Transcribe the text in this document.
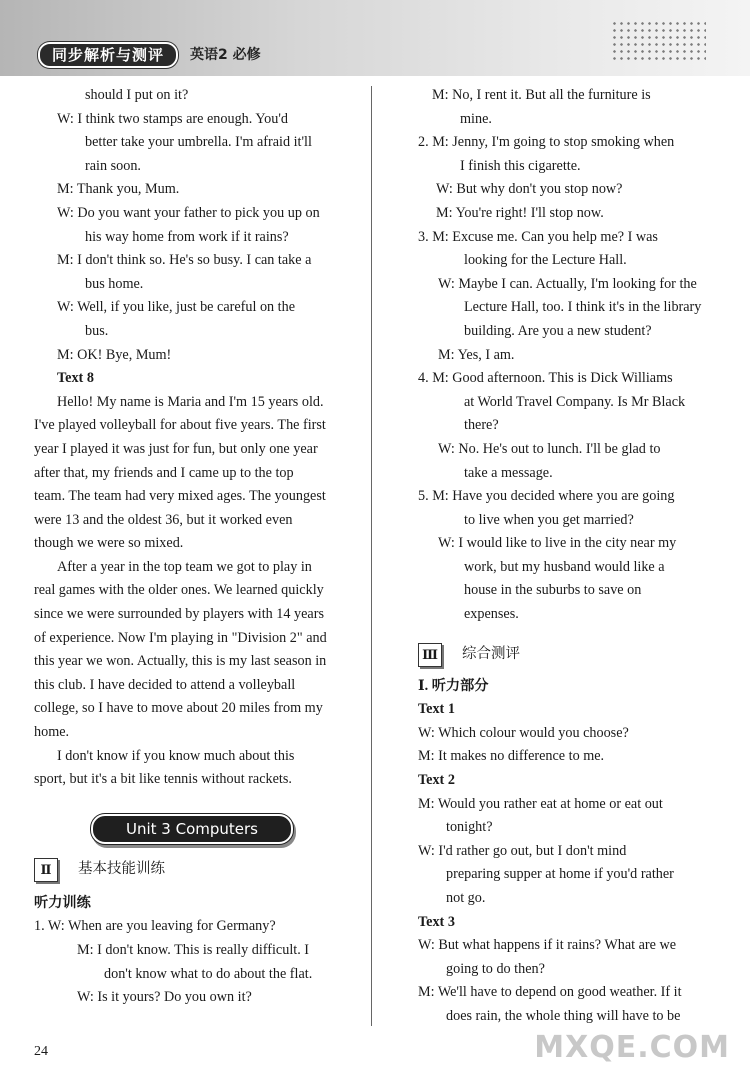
同步解析与测评	英语2 必修
should I put on it?
W: I think two stamps are enough. You'd
better take your umbrella. I'm afraid it'll
rain soon.
M: Thank you, Mum.
W: Do you want your father to pick you up on
his way home from work if it rains?
M: I don't think so. He's so busy. I can take a
bus home.
W: Well, if you like, just be careful on the
bus.
M: OK! Bye, Mum!
Text 8
Hello! My name is Maria and I'm 15 years old.
I've played volleyball for about five years. The first
year I played it was just for fun, but only one year
after that, my friends and I came up to the top
team. The team had very mixed ages. The youngest
were 13 and the oldest 36, but it worked even
though we were so mixed.
After a year in the top team we got to play in
real games with the older ones. We learned quickly
since we were surrounded by players with 14 years
of experience. Now I'm playing in "Division 2" and
this year we won. Actually, this is my last season in
this club. I have decided to attend a volleyball
college, so I have to move about 20 miles from my
home.
I don't know if you know much about this
sport, but it's a bit like tennis without rackets.
Unit 3 Computers
Ⅱ	基本技能训练
听力训练
1. W: When are you leaving for Germany?
M: I don't know. This is really difficult. I
don't know what to do about the flat.
W: Is it yours? Do you own it?
M: No, I rent it. But all the furniture is
mine.
2. M: Jenny, I'm going to stop smoking when
I finish this cigarette.
W: But why don't you stop now?
M: You're right! I'll stop now.
3. M: Excuse me. Can you help me? I was
looking for the Lecture Hall.
W: Maybe I can. Actually, I'm looking for the
Lecture Hall, too. I think it's in the library
building. Are you a new student?
M: Yes, I am.
4. M: Good afternoon. This is Dick Williams
at World Travel Company. Is Mr Black
there?
W: No. He's out to lunch. I'll be glad to
take a message.
5. M: Have you decided where you are going
to live when you get married?
W: I would like to live in the city near my
work, but my husband would like a
house in the suburbs to save on
expenses.
Ⅲ 综合测评
Ⅰ. 听力部分
Text 1
W: Which colour would you choose?
M: It makes no difference to me.
Text 2
M: Would you rather eat at home or eat out
tonight?
W: I'd rather go out, but I don't mind
preparing supper at home if you'd rather
not go.
Text 3
W: But what happens if it rains? What are we
going to do then?
M: We'll have to depend on good weather. If it
does rain, the whole thing will have to be
24	MXQE.COM
